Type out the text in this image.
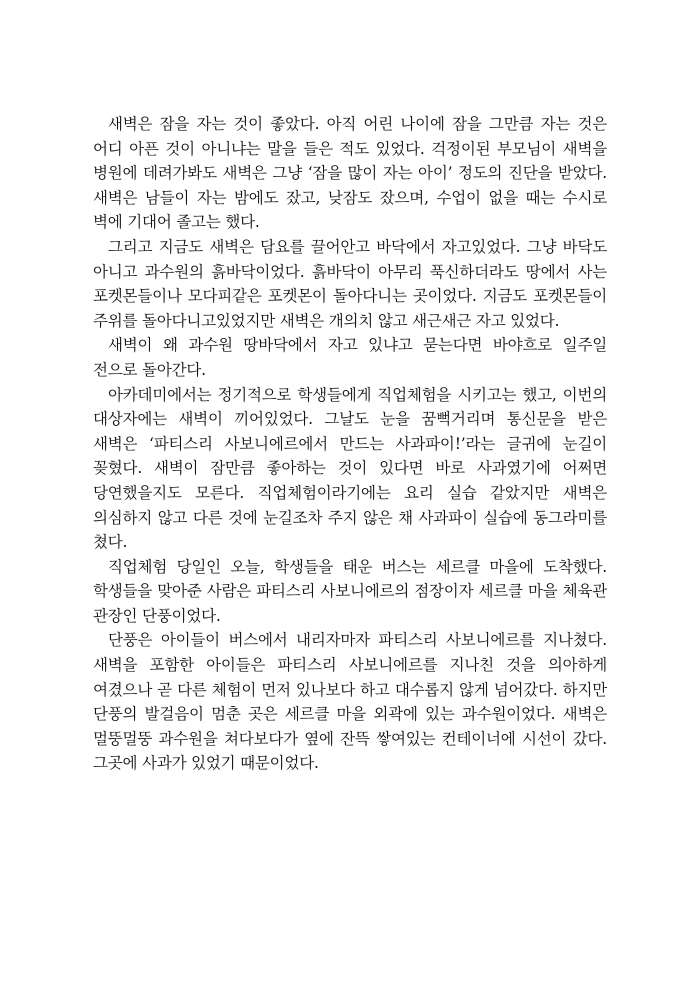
새벽은 잠을 자는 것이 좋았다. 아직 어린 나이에 잠을 그만큼 자는 것은 어디 아픈 것이 아니냐는 말을 들은 적도 있었다. 걱정이된 부모님이 새벽을 병원에 데려가봐도 새벽은 그냥 ‘잠을 많이 자는 아이’ 정도의 진단을 받았다. 새벽은 남들이 자는 밤에도 잤고, 낮잠도 잤으며, 수업이 없을 때는 수시로 벽에 기대어 졸고는 했다.

그리고 지금도 새벽은 담요를 끌어안고 바닥에서 자고있었다. 그냥 바닥도 아니고 과수원의 흙바닥이었다. 흙바닥이 아무리 푹신하더라도 땅에서 사는 포켓몬들이나 모다피같은 포켓몬이 돌아다니는 곳이었다. 지금도 포켓몬들이 주위를 돌아다니고있었지만 새벽은 개의치 않고 새근새근 자고 있었다.

새벽이 왜 과수원 땅바닥에서 자고 있냐고 묻는다면 바야흐로 일주일 전으로 돌아간다.

아카데미에서는 정기적으로 학생들에게 직업체험을 시키고는 했고, 이번의 대상자에는 새벽이 끼어있었다. 그날도 눈을 꿈뻑거리며 통신문을 받은 새벽은 ‘파티스리 사보니에르에서 만드는 사과파이!’라는 글귀에 눈길이 꽂혔다. 새벽이 잠만큼 좋아하는 것이 있다면 바로 사과였기에 어쩌면 당연했을지도 모른다. 직업체험이라기에는 요리 실습 같았지만 새벽은 의심하지 않고 다른 것에 눈길조차 주지 않은 채 사과파이 실습에 동그라미를 쳤다.

직업체험 당일인 오늘, 학생들을 태운 버스는 세르클 마을에 도착했다. 학생들을 맞아준 사람은 파티스리 사보니에르의 점장이자 세르클 마을 체육관 관장인 단풍이었다.

단풍은 아이들이 버스에서 내리자마자 파티스리 사보니에르를 지나쳤다. 새벽을 포함한 아이들은 파티스리 사보니에르를 지나친 것을 의아하게 여겼으나 곧 다른 체험이 먼저 있나보다 하고 대수롭지 않게 넘어갔다. 하지만 단풍의 발걸음이 멈춘 곳은 세르클 마을 외곽에 있는 과수원이었다. 새벽은 멀뚱멀뚱 과수원을 쳐다보다가 옆에 잔뜩 쌓여있는 컨테이너에 시선이 갔다. 그곳에 사과가 있었기 때문이었다.
